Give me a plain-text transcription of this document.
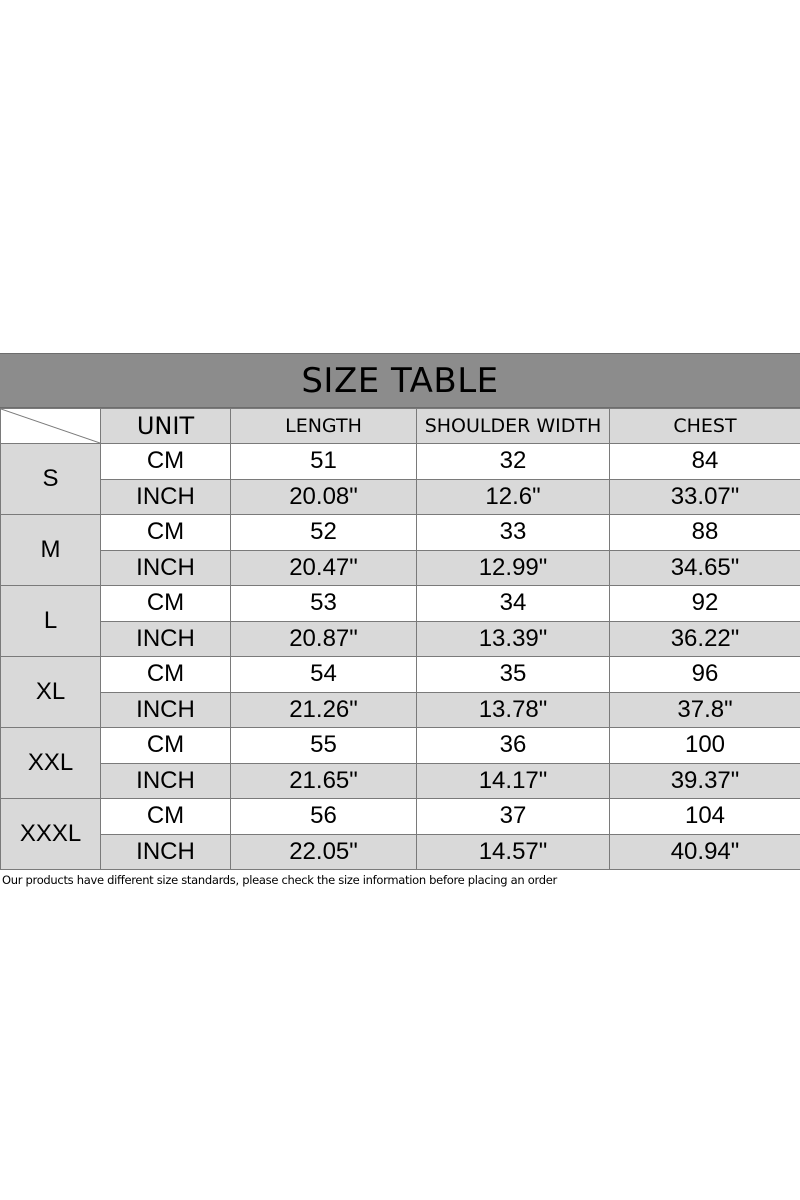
SIZE TABLE
	UNIT	LENGTH	SHOULDER WIDTH	CHEST
S	CM	51	32	84
	INCH	20.08"	12.6"	33.07"
M	CM	52	33	88
	INCH	20.47"	12.99"	34.65"
L	CM	53	34	92
	INCH	20.87"	13.39"	36.22"
XL	CM	54	35	96
	INCH	21.26"	13.78"	37.8"
XXL	CM	55	36	100
	INCH	21.65"	14.17"	39.37"
XXXL	CM	56	37	104
	INCH	22.05"	14.57"	40.94"
Our products have different size standards, please check the size information before placing an order
